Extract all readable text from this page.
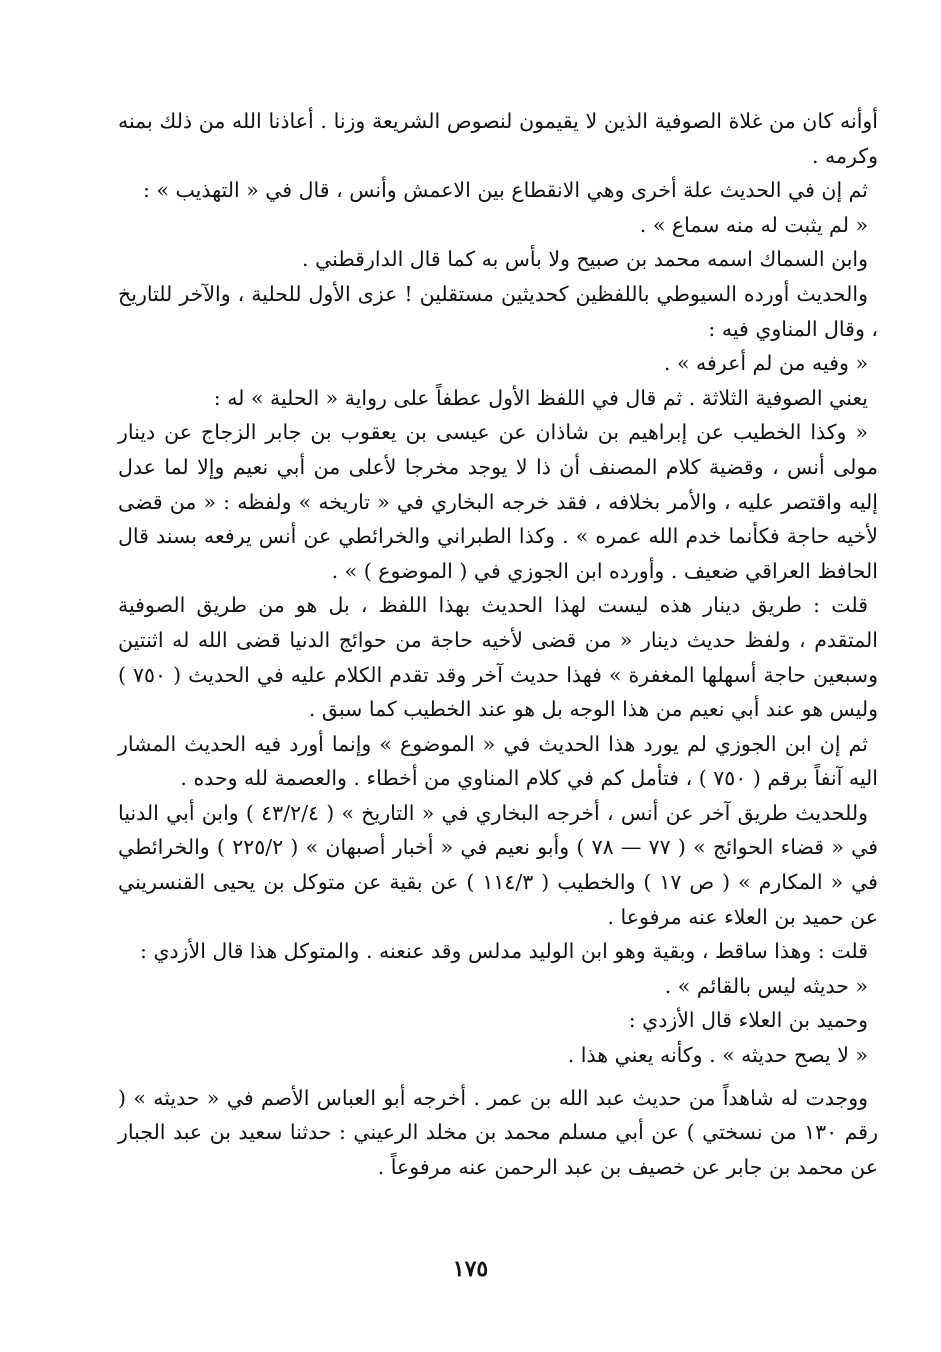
أوأنه كان من غلاة الصوفية الذين لا يقيمون لنصوص الشريعة وزنا . أعاذنا الله من ذلك بمنه وكرمه .

ثم إن في الحديث علة أخرى وهي الانقطاع بين الاعمش وأنس ، قال في « التهذيب » :

« لم يثبت له منه سماع » .

وابن السماك اسمه محمد بن صبيح ولا بأس به كما قال الدارقطني .

والحديث أورده السيوطي باللفظين كحديثين مستقلين ! عزى الأول للحلية ، والآخر للتاريخ ، وقال المناوي فيه :

« وفيه من لم أعرفه » .

يعني الصوفية الثلاثة . ثم قال في اللفظ الأول عطفاً على رواية « الحلية » له :

« وكذا الخطيب عن إبراهيم بن شاذان عن عيسى بن يعقوب بن جابر الزجاج عن دينار مولى أنس ، وقضية كلام المصنف أن ذا لا يوجد مخرجا لأعلى من أبي نعيم وإلا لما عدل إليه واقتصر عليه ، والأمر بخلافه ، فقد خرجه البخاري في « تاريخه » ولفظه : « من قضى لأخيه حاجة فكأنما خدم الله عمره » . وكذا الطبراني والخرائطي عن أنس يرفعه بسند قال الحافظ العراقي ضعيف . وأورده ابن الجوزي في ( الموضوع ) » .

قلت : طريق دينار هذه ليست لهذا الحديث بهذا اللفظ ، بل هو من طريق الصوفية المتقدم ، ولفظ حديث دينار « من قضى لأخيه حاجة من حوائج الدنيا قضى الله له اثنتين وسبعين حاجة أسهلها المغفرة » فهذا حديث آخر وقد تقدم الكلام عليه في الحديث ( ٧٥٠ ) وليس هو عند أبي نعيم من هذا الوجه بل هو عند الخطيب كما سبق .

ثم إن ابن الجوزي لم يورد هذا الحديث في « الموضوع » وإنما أورد فيه الحديث المشار اليه آنفاً برقم ( ٧٥٠ ) ، فتأمل كم في كلام المناوي من أخطاء . والعصمة لله وحده .

وللحديث طريق آخر عن أنس ، أخرجه البخاري في « التاريخ » ( ٤٣/٢/٤ ) وابن أبي الدنيا في « قضاء الحوائج » ( ٧٧ — ٧٨ ) وأبو نعيم في « أخبار أصبهان » ( ٢٢٥/٢ ) والخرائطي في « المكارم » ( ص ١٧ ) والخطيب ( ١١٤/٣ ) عن بقية عن متوكل بن يحيى القنسريني عن حميد بن العلاء عنه مرفوعا .

قلت : وهذا ساقط ، وبقية وهو ابن الوليد مدلس وقد عنعنه . والمتوكل هذا قال الأزدي :

« حديثه ليس بالقائم » .

وحميد بن العلاء قال الأزدي :

« لا يصح حديثه » . وكأنه يعني هذا .

ووجدت له شاهداً من حديث عبد الله بن عمر . أخرجه أبو العباس الأصم في « حديثه » ( رقم ١٣٠ من نسختي ) عن أبي مسلم محمد بن مخلد الرعيني : حدثنا سعيد بن عبد الجبار عن محمد بن جابر عن خصيف بن عبد الرحمن عنه مرفوعاً .

١٧٥
